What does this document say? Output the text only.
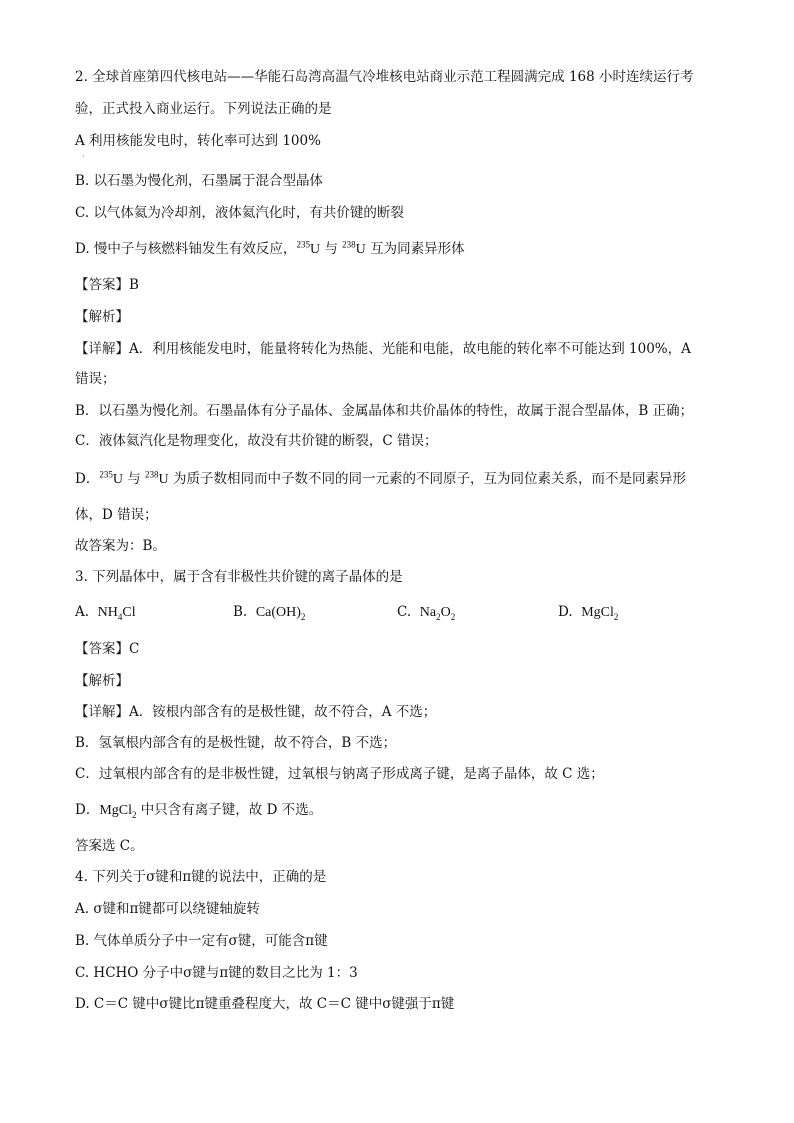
2. 全球首座第四代核电站——华能石岛湾高温气冷堆核电站商业示范工程圆满完成 168 小时连续运行考
验，正式投入商业运行。下列说法正确的是
A 利用核能发电时，转化率可达到 100%
·
B. 以石墨为慢化剂，石墨属于混合型晶体
C. 以气体氦为冷却剂，液体氦汽化时，有共价键的断裂
D. 慢中子与核燃料铀发生有效反应，$^{235}$U 与 $^{238}$U 互为同素异形体
【答案】B
【解析】
【详解】A．利用核能发电时，能量将转化为热能、光能和电能，故电能的转化率不可能达到 100%，A
错误；
B．以石墨为慢化剂。石墨晶体有分子晶体、金属晶体和共价晶体的特性，故属于混合型晶体，B 正确；
C．液体氦汽化是物理变化，故没有共价键的断裂，C 错误；
D．$^{235}$U 与 $^{238}$U 为质子数相同而中子数不同的同一元素的不同原子，互为同位素关系，而不是同素异形
体，D 错误；
故答案为：B。
3. 下列晶体中，属于含有非极性共价键的离子晶体的是
A. $NH_4Cl$	B. $Ca(OH)_2$	C. $Na_2O_2$	D. MgCl$_2$
【答案】C
【解析】
【详解】A．铵根内部含有的是极性键，故不符合，A 不选；
B．氢氧根内部含有的是极性键，故不符合，B 不选；
C．过氧根内部含有的是非极性键，过氧根与钠离子形成离子键，是离子晶体，故 C 选；
D．MgCl$_2$ 中只含有离子键，故 D 不选。
答案选 C。
4. 下列关于σ键和π键的说法中，正确的是
A. σ键和π键都可以绕键轴旋转
B. 气体单质分子中一定有σ键，可能含π键
C. HCHO 分子中σ键与π键的数目之比为 1：3
D. C＝C 键中σ键比π键重叠程度大，故 C＝C 键中σ键强于π键
